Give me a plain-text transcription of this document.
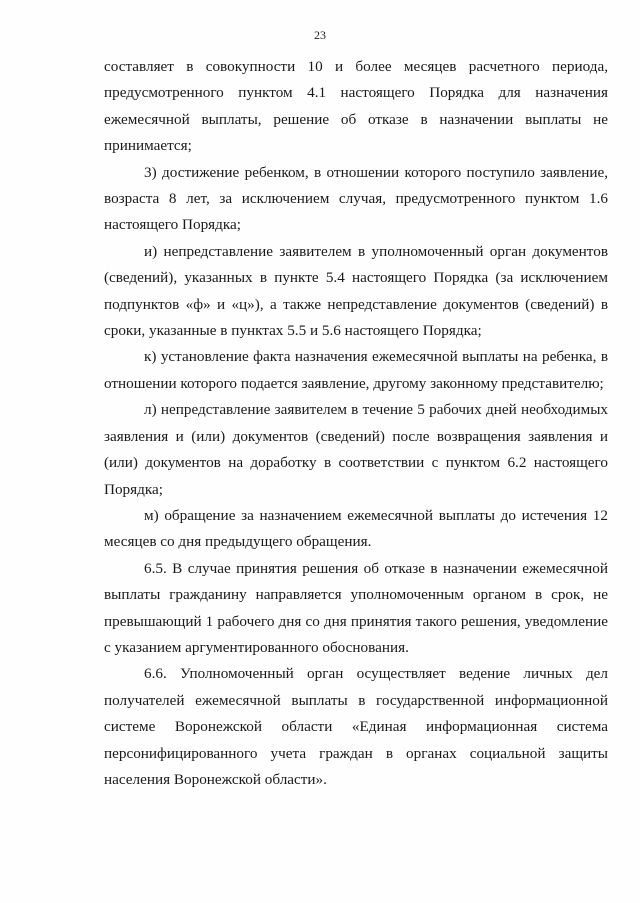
23

составляет в совокупности 10 и более месяцев расчетного периода, предусмотренного пунктом 4.1 настоящего Порядка для назначения ежемесячной выплаты, решение об отказе в назначении выплаты не принимается;

3) достижение ребенком, в отношении которого поступило заявление, возраста 8 лет, за исключением случая, предусмотренного пунктом 1.6 настоящего Порядка;

и) непредставление заявителем в уполномоченный орган документов (сведений), указанных в пункте 5.4 настоящего Порядка (за исключением подпунктов «ф» и «ц»), а также непредставление документов (сведений) в сроки, указанные в пунктах 5.5 и 5.6 настоящего Порядка;

к) установление факта назначения ежемесячной выплаты на ребенка, в отношении которого подается заявление, другому законному представителю;

л) непредставление заявителем в течение 5 рабочих дней необходимых заявления и (или) документов (сведений) после возвращения заявления и (или) документов на доработку в соответствии с пунктом 6.2 настоящего Порядка;

м) обращение за назначением ежемесячной выплаты до истечения 12 месяцев со дня предыдущего обращения.

6.5. В случае принятия решения об отказе в назначении ежемесячной выплаты гражданину направляется уполномоченным органом в срок, не превышающий 1 рабочего дня со дня принятия такого решения, уведомление с указанием аргументированного обоснования.

6.6. Уполномоченный орган осуществляет ведение личных дел получателей ежемесячной выплаты в государственной информационной системе Воронежской области «Единая информационная система персонифицированного учета граждан в органах социальной защиты населения Воронежской области».
